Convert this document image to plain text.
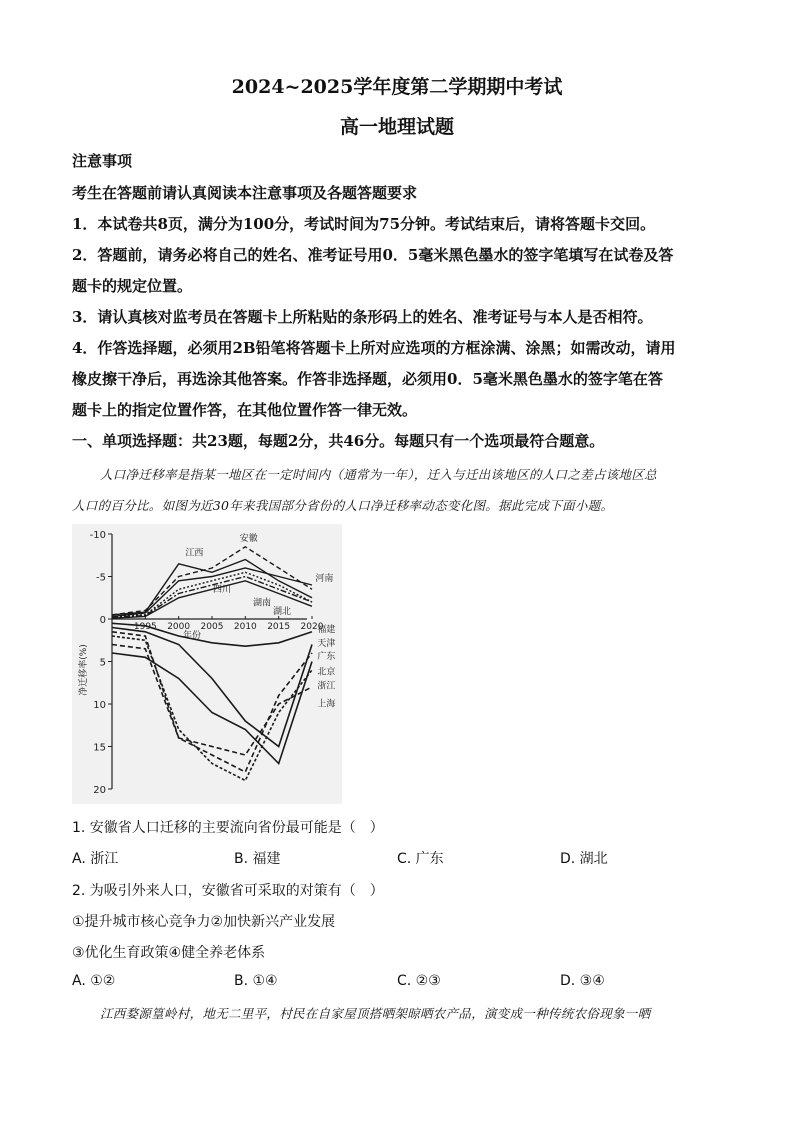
2024~2025学年度第二学期期中考试
高一地理试题
注意事项
考生在答题前请认真阅读本注意事项及各题答题要求
1．本试卷共8页，满分为100分，考试时间为75分钟。考试结束后，请将答题卡交回。
2．答题前，请务必将自己的姓名、准考证号用0．5毫米黑色墨水的签字笔填写在试卷及答
题卡的规定位置。
3．请认真核对监考员在答题卡上所粘贴的条形码上的姓名、准考证号与本人是否相符。
4．作答选择题，必须用2B铅笔将答题卡上所对应选项的方框涂满、涂黑；如需改动，请用
橡皮擦干净后，再选涂其他答案。作答非选择题，必须用0．5毫米黑色墨水的签字笔在答
题卡上的指定位置作答，在其他位置作答一律无效。
一、单项选择题：共23题，每题2分，共46分。每题只有一个选项最符合题意。
人口净迁移率是指某一地区在一定时间内（通常为一年），迁入与迁出该地区的人口之差占该地区总
人口的百分比。如图为近30年来我国部分省份的人口净迁移率动态变化图。据此完成下面小题。
-10
-5
0
5
10
15
20
1995 2000 2005 2010 2015 2020
年份
净迁移率(%)
江西
安徽
河南
四川
湖南
湖北
福建
天津
广东
北京
浙江
上海
1. 安徽省人口迁移的主要流向省份最可能是（　）
A. 浙江	B. 福建	C. 广东	D. 湖北
2. 为吸引外来人口，安徽省可采取的对策有（　）
①提升城市核心竞争力②加快新兴产业发展
③优化生育政策④健全养老体系
A. ①②	B. ①④	C. ②③	D. ③④
江西婺源篁岭村，地无二里平，村民在自家屋顶搭晒架晾晒农产品，演变成一种传统农俗现象一晒
